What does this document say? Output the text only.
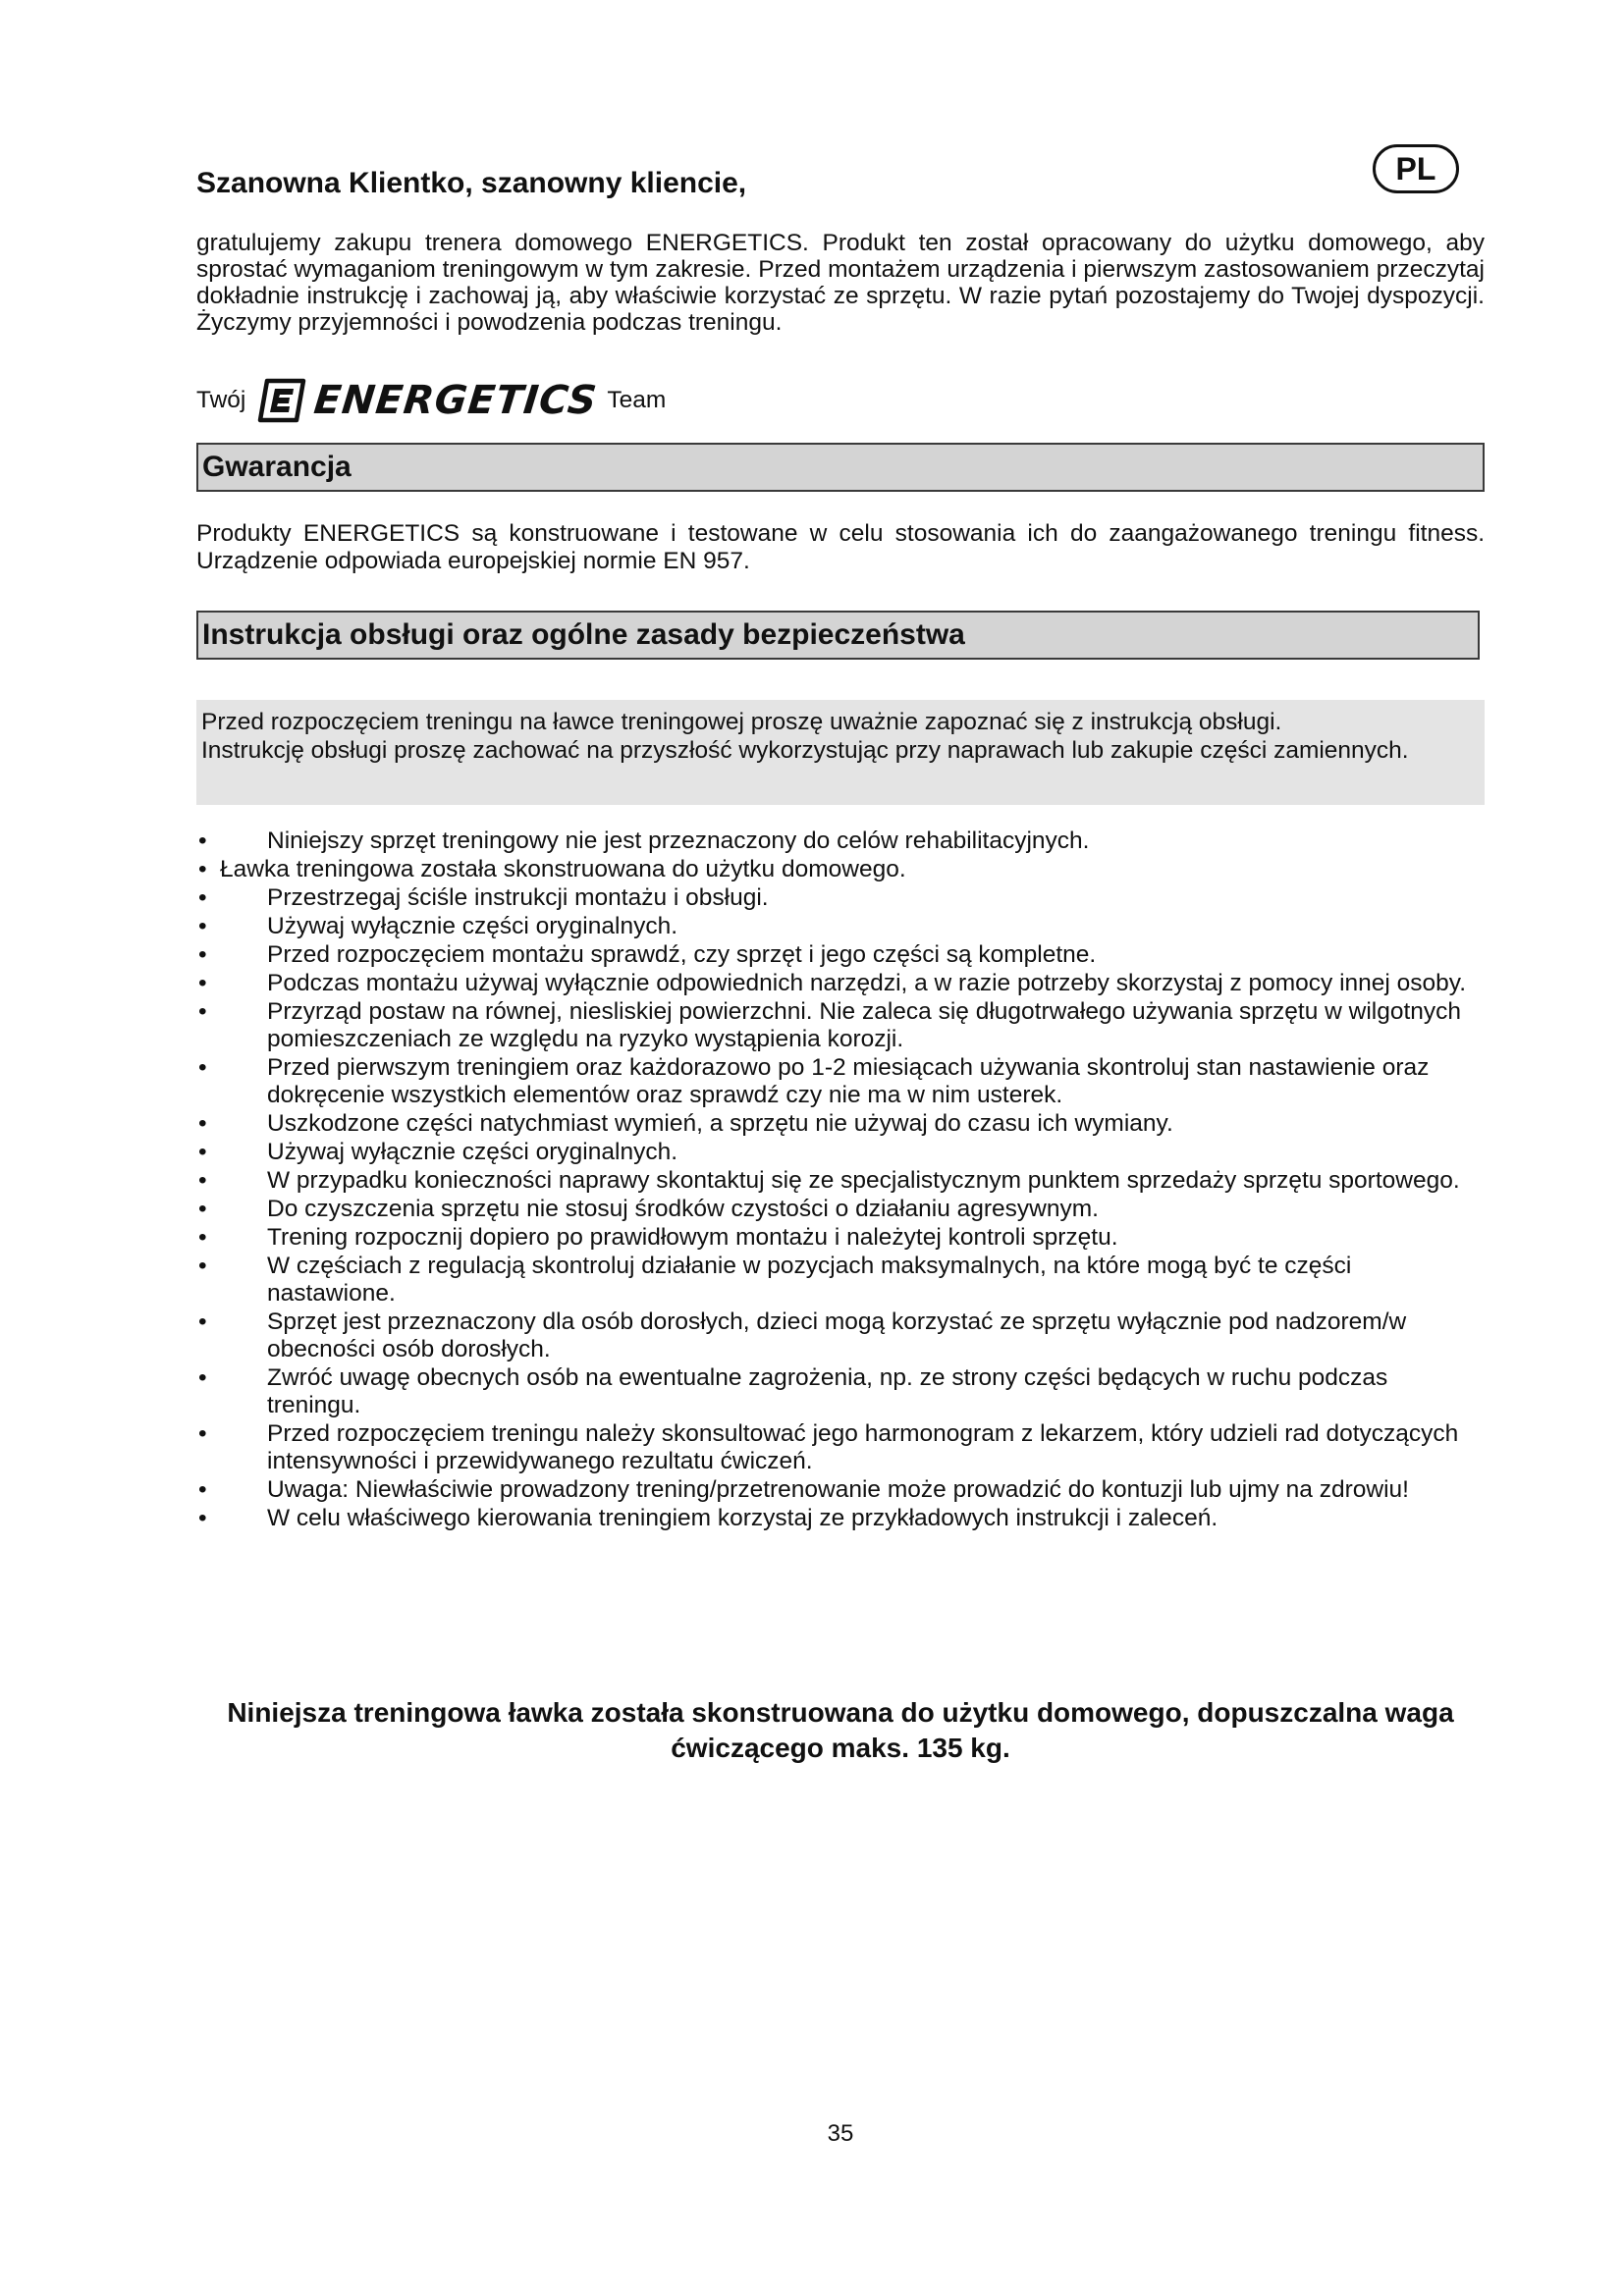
Szanowna Klientko, szanowny kliencie,	PL

gratulujemy zakupu trenera domowego ENERGETICS. Produkt ten został opracowany do użytku domowego, aby sprostać wymaganiom treningowym w tym zakresie. Przed montażem urządzenia i pierwszym zastosowaniem przeczytaj dokładnie instrukcję i zachowaj ją, aby właściwie korzystać ze sprzętu. W razie pytań pozostajemy do Twojej dyspozycji. Życzymy przyjemności i powodzenia podczas treningu.

Twój ENERGETICS Team
Gwarancja

Produkty ENERGETICS są konstruowane i testowane w celu stosowania ich do zaangażowanego treningu fitness. Urządzenie odpowiada europejskiej normie EN 957.

Instrukcja obsługi oraz ogólne zasady bezpieczeństwa
Przed rozpoczęciem treningu na ławce treningowej proszę uważnie zapoznać się z instrukcją obsługi.
Instrukcję obsługi proszę zachować na przyszłość wykorzystując przy naprawach lub zakupie części zamiennych.
•	Niniejszy sprzęt treningowy nie jest przeznaczony do celów rehabilitacyjnych.
• Ławka treningowa została skonstruowana do użytku domowego.
•	Przestrzegaj ściśle instrukcji montażu i obsługi.
•	Używaj wyłącznie części oryginalnych.
•	Przed rozpoczęciem montażu sprawdź, czy sprzęt i jego części są kompletne.
•	Podczas montażu używaj wyłącznie odpowiednich narzędzi, a w razie potrzeby skorzystaj z pomocy innej osoby.
•	Przyrząd postaw na równej, niesliskiej powierzchni. Nie zaleca się długotrwałego używania sprzętu w wilgotnych pomieszczeniach ze względu na ryzyko wystąpienia korozji.
•	Przed pierwszym treningiem oraz każdorazowo po 1-2 miesiącach używania skontroluj stan nastawienie oraz dokręcenie wszystkich elementów oraz sprawdź czy nie ma w nim usterek.
•	Uszkodzone części natychmiast wymień, a sprzętu nie używaj do czasu ich wymiany.
•	Używaj wyłącznie części oryginalnych.
•	W przypadku konieczności naprawy skontaktuj się ze specjalistycznym punktem sprzedaży sprzętu sportowego.
•	Do czyszczenia sprzętu nie stosuj środków czystości o działaniu agresywnym.
•	Trening rozpocznij dopiero po prawidłowym montażu i należytej kontroli sprzętu.
•	W częściach z regulacją skontroluj działanie w pozycjach maksymalnych, na które mogą być te części nastawione.
•	Sprzęt jest przeznaczony dla osób dorosłych, dzieci mogą korzystać ze sprzętu wyłącznie pod nadzorem/w obecności osób dorosłych.
•	Zwróć uwagę obecnych osób na ewentualne zagrożenia, np. ze strony części będących w ruchu podczas treningu.
•	Przed rozpoczęciem treningu należy skonsultować jego harmonogram z lekarzem, który udzieli rad dotyczących intensywności i przewidywanego rezultatu ćwiczeń.
•	Uwaga: Niewłaściwie prowadzony trening/przetrenowanie może prowadzić do kontuzji lub ujmy na zdrowiu!
•	W celu właściwego kierowania treningiem korzystaj ze przykładowych instrukcji i zaleceń.
Niniejsza treningowa ławka została skonstruowana do użytku domowego, dopuszczalna waga
ćwiczącego maks. 135 kg.
35
